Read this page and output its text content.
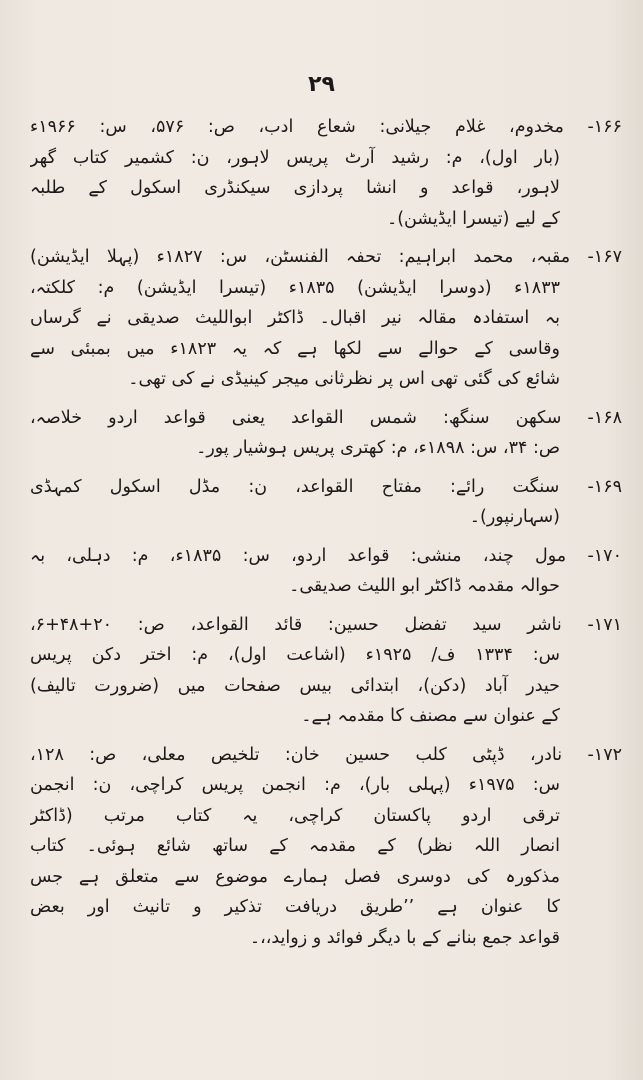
۲۹
۱۶۶- مخدوم، غلام جیلانی: شعاع ادب، ص: ۵۷۶، س: ۱۹۶۶ء
(بار اول)، م: رشید آرٹ پریس لاہور، ن: کشمیر کتاب گھر
لاہور، قواعد و انشا پردازی سیکنڈری اسکول کے طلبہ
کے لیے (تیسرا ایڈیشن)۔
۱۶۷- مقبہ، محمد ابراہیم: تحفہ الفنسٹن، س: ۱۸۲۷ء (پہلا ایڈیشن)
۱۸۳۳ء (دوسرا ایڈیشن) ۱۸۳۵ء (تیسرا ایڈیشن) م: کلکتہ،
بہ استفادہ مقالہ نیر اقبال۔ ڈاکٹر ابواللیث صدیقی نے گرساں
وقاسی کے حوالے سے لکھا ہے کہ یہ ۱۸۲۳ء میں بمبئی سے
شائع کی گئی تھی اس پر نظرثانی میجر کینیڈی نے کی تھی۔
۱۶۸- سکھن سنگھ: شمس القواعد یعنی قواعد اردو خلاصہ،
ص: ۳۴، س: ۱۸۹۸ء، م: کھتری پریس ہوشیار پور۔
۱۶۹- سنگت رائے: مفتاح القواعد، ن: مڈل اسکول کمہڈی
(سہارنپور)۔
۱۷۰- مول چند، منشی: قواعد اردو، س: ۱۸۳۵ء، م: دہلی، بہ
حوالہ مقدمہ ڈاکٹر ابو اللیث صدیقی۔
۱۷۱- ناشر سید تفضل حسین: قائد القواعد، ص: ۲۰+۴۸+۶،
س: ۱۳۳۴ ف/ ۱۹۲۵ء (اشاعت اول)، م: اختر دکن پریس
حیدر آباد (دکن)، ابتدائی بیس صفحات میں (ضرورت تالیف)
کے عنوان سے مصنف کا مقدمہ ہے۔
۱۷۲- نادر، ڈپٹی کلب حسین خان: تلخیص معلی، ص: ۱۲۸،
س: ۱۹۷۵ء (پہلی بار)، م: انجمن پریس کراچی، ن: انجمن
ترقی اردو پاکستان کراچی، یہ کتاب مرتب (ڈاکٹر
انصار اللہ نظر) کے مقدمہ کے ساتھ شائع ہوئی۔ کتاب
مذکورہ کی دوسری فصل ہمارے موضوع سے متعلق ہے جس
کا عنوان ہے ’’طریق دریافت تذکیر و تانیث اور بعض
قواعد جمع بنانے کے با دیگر فوائد و زواید،،۔
